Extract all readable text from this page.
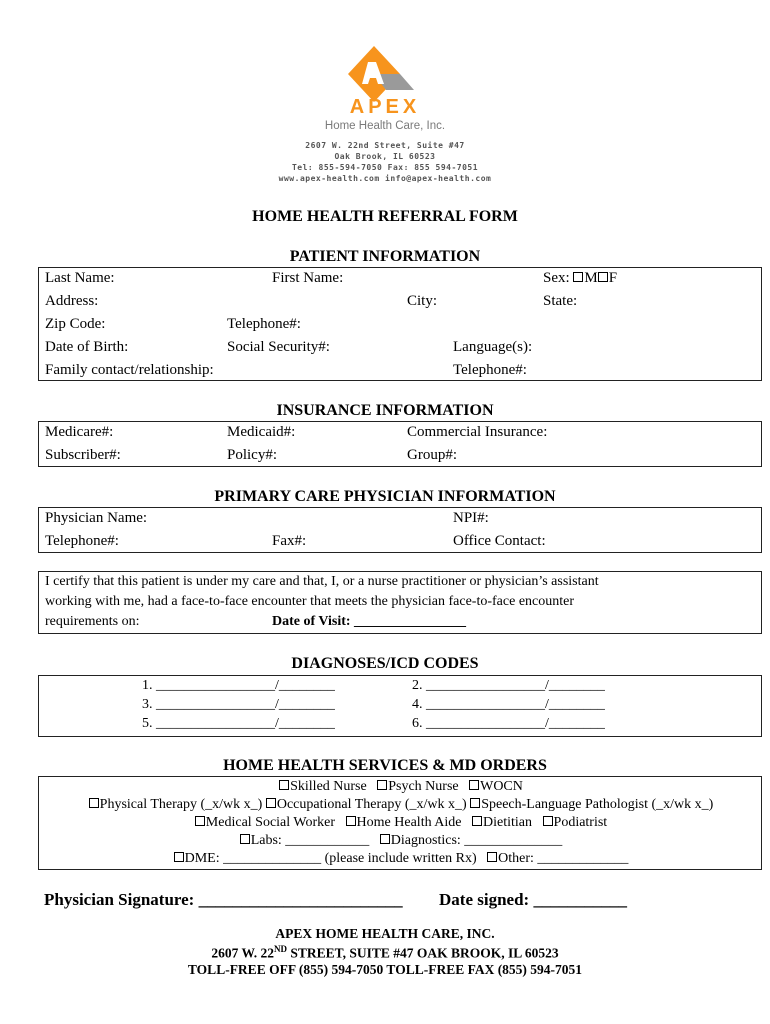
APEX
Home Health Care, Inc.
2607 W. 22nd Street, Suite #47
Oak Brook, IL 60523
Tel: 855-594-7050 Fax: 855 594-7051
www.apex-health.com info@apex-health.com
HOME HEALTH REFERRAL FORM
PATIENT INFORMATION
Last Name:	First Name:	Sex: M F
Address:	City:	State:
Zip Code:	Telephone#:
Date of Birth:	Social Security#:	Language(s):
Family contact/relationship:	Telephone#:
INSURANCE INFORMATION
Medicare#:	Medicaid#:	Commercial Insurance:
Subscriber#:	Policy#:	Group#:
PRIMARY CARE PHYSICIAN INFORMATION
Physician Name:	NPI#:
Telephone#:	Fax#:	Office Contact:
I certify that this patient is under my care and that, I, or a nurse practitioner or physician’s assistant
working with me, had a face-to-face encounter that meets the physician face-to-face encounter
requirements on:	Date of Visit: ________________
DIAGNOSES/ICD CODES
1. _________________/________	2. _________________/________
3. _________________/________	4. _________________/________
5. _________________/________	6. _________________/________
HOME HEALTH SERVICES & MD ORDERS
Skilled Nurse Psych Nurse WOCN
Physical Therapy (_x/wk x_) Occupational Therapy (_x/wk x_) Speech-Language Pathologist (_x/wk x_)
Medical Social Worker Home Health Aide Dietitian Podiatrist
Labs: ____________ Diagnostics: ______________
DME: ______________ (please include written Rx) Other: _____________
Physician Signature: ________________________ Date signed: ___________
APEX HOME HEALTH CARE, INC.
2607 W. 22ND STREET, SUITE #47 OAK BROOK, IL 60523
TOLL-FREE OFF (855) 594-7050 TOLL-FREE FAX (855) 594-7051
